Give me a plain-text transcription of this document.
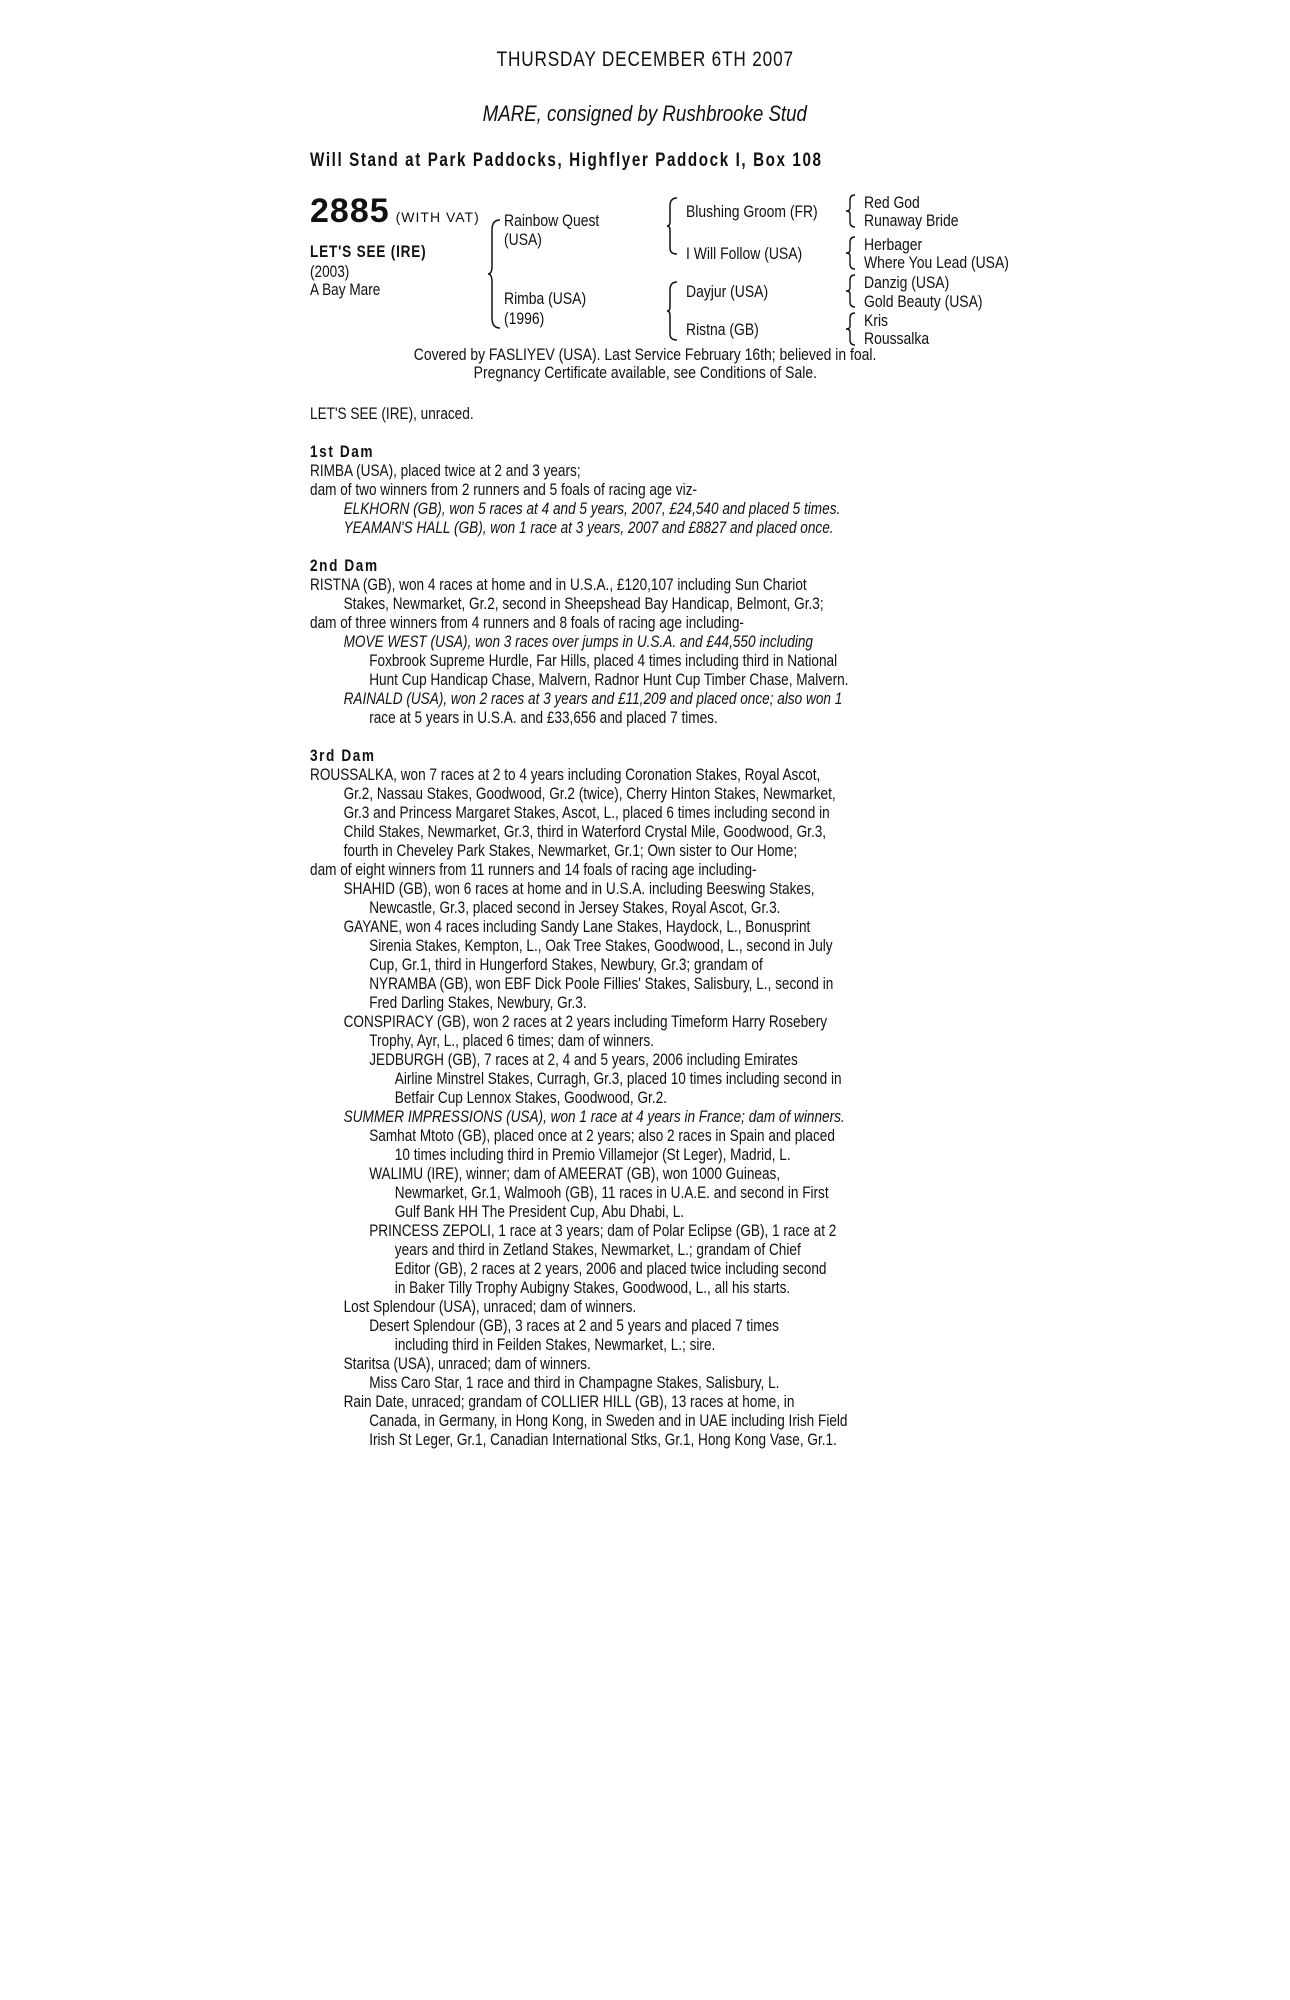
THURSDAY DECEMBER 6TH 2007
MARE, consigned by Rushbrooke Stud
Will Stand at Park Paddocks, Highflyer Paddock I, Box 108
2885 (WITH VAT)
LET'S SEE (IRE)
(2003)
A Bay Mare
Rainbow Quest
(USA)
Rimba (USA)
(1996)
Blushing Groom (FR)
I Will Follow (USA)
Dayjur (USA)
Ristna (GB)
Red God
Runaway Bride
Herbager
Where You Lead (USA)
Danzig (USA)
Gold Beauty (USA)
Kris
Roussalka
Covered by FASLIYEV (USA). Last Service February 16th; believed in foal.
Pregnancy Certificate available, see Conditions of Sale.
LET'S SEE (IRE), unraced.
1st Dam
RIMBA (USA), placed twice at 2 and 3 years;
dam of two winners from 2 runners and 5 foals of racing age viz-
ELKHORN (GB), won 5 races at 4 and 5 years, 2007, £24,540 and placed 5 times.
YEAMAN'S HALL (GB), won 1 race at 3 years, 2007 and £8827 and placed once.
2nd Dam
RISTNA (GB), won 4 races at home and in U.S.A., £120,107 including Sun Chariot
Stakes, Newmarket, Gr.2, second in Sheepshead Bay Handicap, Belmont, Gr.3;
dam of three winners from 4 runners and 8 foals of racing age including-
MOVE WEST (USA), won 3 races over jumps in U.S.A. and £44,550 including
Foxbrook Supreme Hurdle, Far Hills, placed 4 times including third in National
Hunt Cup Handicap Chase, Malvern, Radnor Hunt Cup Timber Chase, Malvern.
RAINALD (USA), won 2 races at 3 years and £11,209 and placed once; also won 1
race at 5 years in U.S.A. and £33,656 and placed 7 times.
3rd Dam
ROUSSALKA, won 7 races at 2 to 4 years including Coronation Stakes, Royal Ascot,
Gr.2, Nassau Stakes, Goodwood, Gr.2 (twice), Cherry Hinton Stakes, Newmarket,
Gr.3 and Princess Margaret Stakes, Ascot, L., placed 6 times including second in
Child Stakes, Newmarket, Gr.3, third in Waterford Crystal Mile, Goodwood, Gr.3,
fourth in Cheveley Park Stakes, Newmarket, Gr.1; Own sister to Our Home;
dam of eight winners from 11 runners and 14 foals of racing age including-
SHAHID (GB), won 6 races at home and in U.S.A. including Beeswing Stakes,
Newcastle, Gr.3, placed second in Jersey Stakes, Royal Ascot, Gr.3.
GAYANE, won 4 races including Sandy Lane Stakes, Haydock, L., Bonusprint
Sirenia Stakes, Kempton, L., Oak Tree Stakes, Goodwood, L., second in July
Cup, Gr.1, third in Hungerford Stakes, Newbury, Gr.3; grandam of
NYRAMBA (GB), won EBF Dick Poole Fillies' Stakes, Salisbury, L., second in
Fred Darling Stakes, Newbury, Gr.3.
CONSPIRACY (GB), won 2 races at 2 years including Timeform Harry Rosebery
Trophy, Ayr, L., placed 6 times; dam of winners.
JEDBURGH (GB), 7 races at 2, 4 and 5 years, 2006 including Emirates
Airline Minstrel Stakes, Curragh, Gr.3, placed 10 times including second in
Betfair Cup Lennox Stakes, Goodwood, Gr.2.
SUMMER IMPRESSIONS (USA), won 1 race at 4 years in France; dam of winners.
Samhat Mtoto (GB), placed once at 2 years; also 2 races in Spain and placed
10 times including third in Premio Villamejor (St Leger), Madrid, L.
WALIMU (IRE), winner; dam of AMEERAT (GB), won 1000 Guineas,
Newmarket, Gr.1, Walmooh (GB), 11 races in U.A.E. and second in First
Gulf Bank HH The President Cup, Abu Dhabi, L.
PRINCESS ZEPOLI, 1 race at 3 years; dam of Polar Eclipse (GB), 1 race at 2
years and third in Zetland Stakes, Newmarket, L.; grandam of Chief
Editor (GB), 2 races at 2 years, 2006 and placed twice including second
in Baker Tilly Trophy Aubigny Stakes, Goodwood, L., all his starts.
Lost Splendour (USA), unraced; dam of winners.
Desert Splendour (GB), 3 races at 2 and 5 years and placed 7 times
including third in Feilden Stakes, Newmarket, L.; sire.
Staritsa (USA), unraced; dam of winners.
Miss Caro Star, 1 race and third in Champagne Stakes, Salisbury, L.
Rain Date, unraced; grandam of COLLIER HILL (GB), 13 races at home, in
Canada, in Germany, in Hong Kong, in Sweden and in UAE including Irish Field
Irish St Leger, Gr.1, Canadian International Stks, Gr.1, Hong Kong Vase, Gr.1.
